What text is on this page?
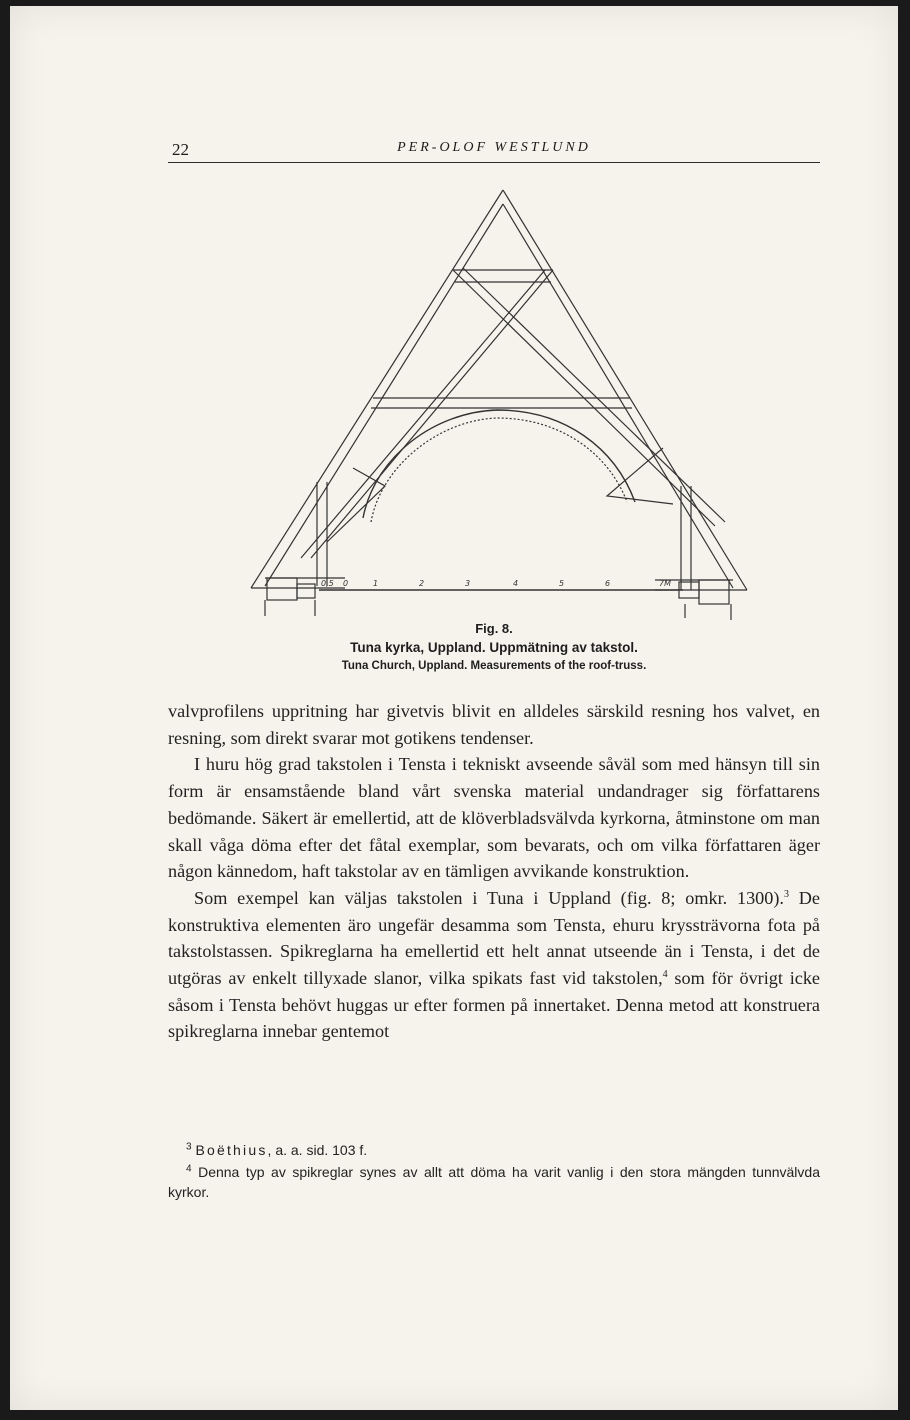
22	PER-OLOF WESTLUND
0,5 0	1	2	3	4	5	6	7M
Fig. 8.
Tuna kyrka, Uppland. Uppmätning av takstol.
Tuna Church, Uppland. Measurements of the roof-truss.

valvprofilens uppritning har givetvis blivit en alldeles särskild resning hos valvet, en resning, som direkt svarar mot gotikens tendenser.

I huru hög grad takstolen i Tensta i tekniskt avseende såväl som med hänsyn till sin form är ensamstående bland vårt svenska material undandrager sig författarens bedömande. Säkert är emellertid, att de klöverbladsvälvda kyrkorna, åtminstone om man skall våga döma efter det fåtal exemplar, som bevarats, och om vilka författaren äger någon kännedom, haft takstolar av en tämligen avvikande konstruktion.

Som exempel kan väljas takstolen i Tuna i Uppland (fig. 8; omkr. 1300).$^3$ De konstruktiva elementen äro ungefär desamma som Tensta, ehuru kryssträvorna fota på takstolstassen. Spikreglarna ha emellertid ett helt annat utseende än i Tensta, i det de utgöras av enkelt tillyxade slanor, vilka spikats fast vid takstolen,$^4$ som för övrigt icke såsom i Tensta behövt huggas ur efter formen på innertaket. Denna metod att konstruera spikreglarna innebar gentemot

$^3$ Boëthius, a. a. sid. 103 f.

$^4$ Denna typ av spikreglar synes av allt att döma ha varit vanlig i den stora mängden tunnvälvda kyrkor.
